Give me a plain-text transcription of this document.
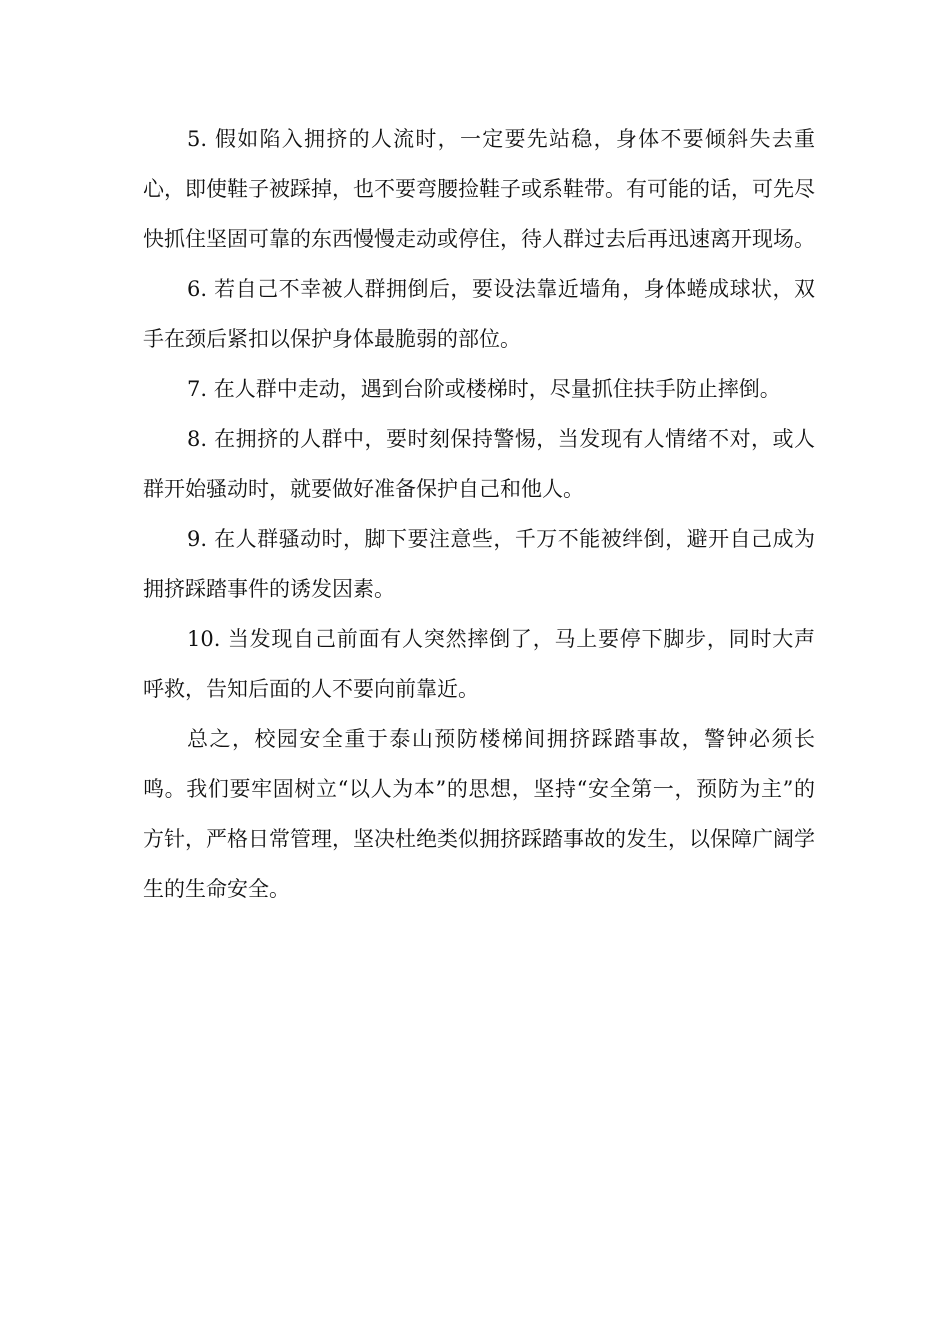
5. 假如陷入拥挤的人流时，一定要先站稳，身体不要倾斜失去重心，即使鞋子被踩掉，也不要弯腰捡鞋子或系鞋带。有可能的话，可先尽快抓住坚固可靠的东西慢慢走动或停住，待人群过去后再迅速离开现场。

6. 若自己不幸被人群拥倒后，要设法靠近墙角，身体蜷成球状，双手在颈后紧扣以保护身体最脆弱的部位。

7. 在人群中走动，遇到台阶或楼梯时，尽量抓住扶手防止摔倒。

8. 在拥挤的人群中，要时刻保持警惕，当发现有人情绪不对，或人群开始骚动时，就要做好准备保护自己和他人。

9. 在人群骚动时，脚下要注意些，千万不能被绊倒，避开自己成为拥挤踩踏事件的诱发因素。

10. 当发现自己前面有人突然摔倒了，马上要停下脚步，同时大声呼救，告知后面的人不要向前靠近。

总之，校园安全重于泰山预防楼梯间拥挤踩踏事故，警钟必须长鸣。我们要牢固树立“以人为本”的思想，坚持“安全第一，预防为主”的方针，严格日常管理，坚决杜绝类似拥挤踩踏事故的发生，以保障广阔学生的生命安全。
